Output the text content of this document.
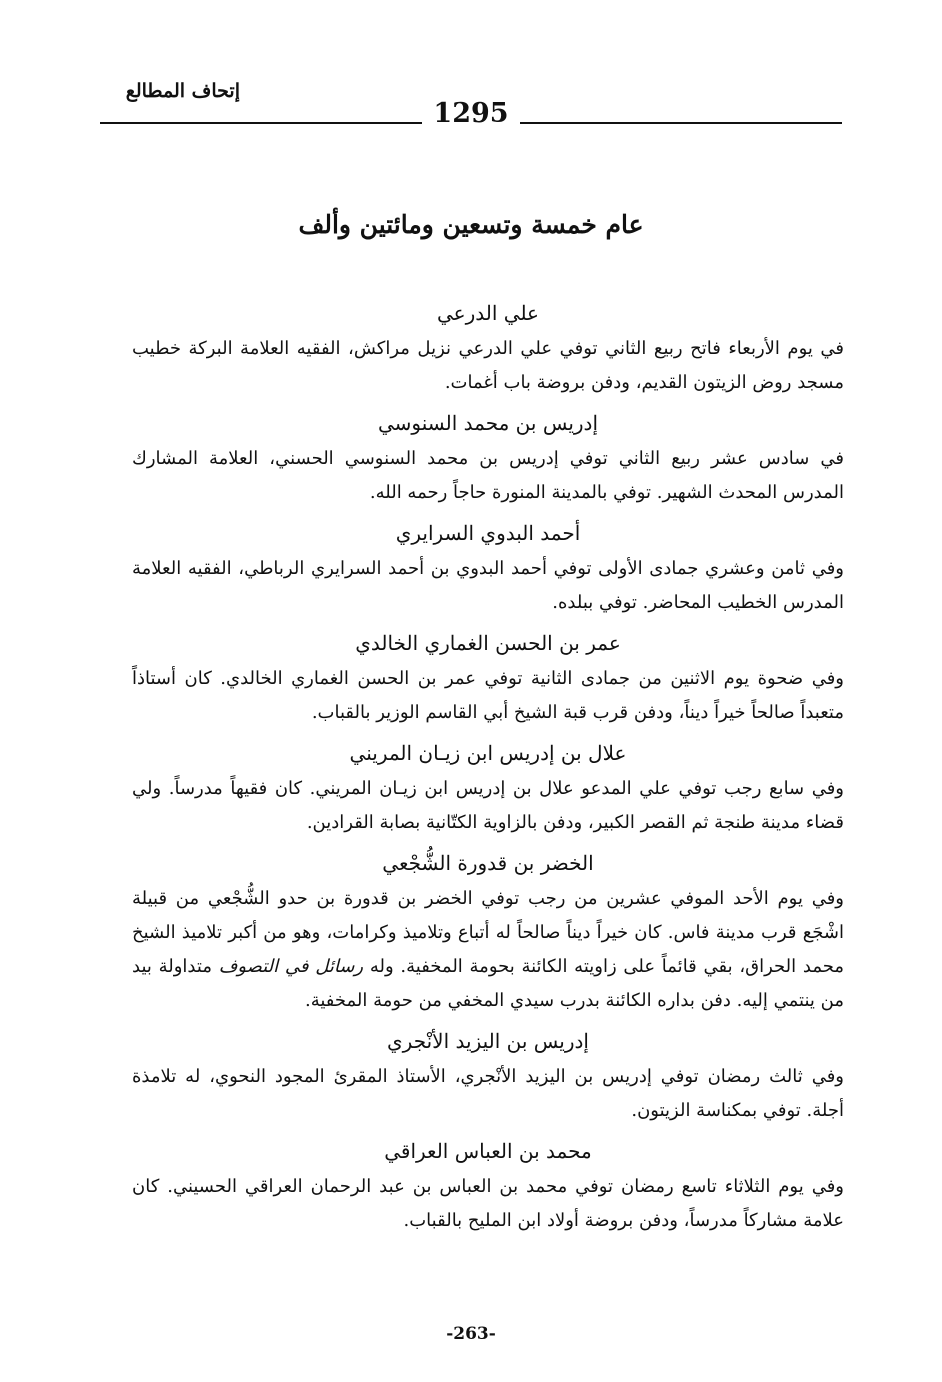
إتحاف المطالع
1295
عام خمسة وتسعين ومائتين وألف
علي الدرعي

في يوم الأربعاء فاتح ربيع الثاني توفي علي الدرعي نزيل مراكش، الفقيه العلامة البركة خطيب مسجد روض الزيتون القديم، ودفن بروضة باب أغمات.

إدريس بن محمد السنوسي

في سادس عشر ربيع الثاني توفي إدريس بن محمد السنوسي الحسني، العلامة المشارك المدرس المحدث الشهير. توفي بالمدينة المنورة حاجاً رحمه الله.

أحمد البدوي السرايري

وفي ثامن وعشري جمادى الأولى توفي أحمد البدوي بن أحمد السرايري الرباطي، الفقيه العلامة المدرس الخطيب المحاضر. توفي ببلده.

عمر بن الحسن الغماري الخالدي

وفي ضحوة يوم الاثنين من جمادى الثانية توفي عمر بن الحسن الغماري الخالدي. كان أستاذاً متعبداً صالحاً خيراً ديناً، ودفن قرب قبة الشيخ أبي القاسم الوزير بالقباب.

علال بن إدريس ابن زيـان المريني

وفي سابع رجب توفي علي المدعو علال بن إدريس ابن زيـان المريني. كان فقيهاً مدرساً. ولي قضاء مدينة طنجة ثم القصر الكبير، ودفن بالزاوية الكتّانية بصابة القرادين.

الخضر بن قدورة الشُّجْعي

وفي يوم الأحد الموفي عشرين من رجب توفي الخضر بن قدورة بن حدو الشُّجْعي من قبيلة اشْجَع قرب مدينة فاس. كان خيراً ديناً صالحاً له أتباع وتلاميذ وكرامات، وهو من أكبر تلاميذ الشيخ محمد الحراق، بقي قائماً على زاويته الكائنة بحومة المخفية. وله رسائل في التصوف متداولة بيد من ينتمي إليه. دفن بداره الكائنة بدرب سيدي المخفي من حومة المخفية.

إدريس بن اليزيد الأنْجري

وفي ثالث رمضان توفي إدريس بن اليزيد الأنْجري، الأستاذ المقرئ المجود النحوي، له تلامذة أجلة. توفي بمكناسة الزيتون.

محمد بن العباس العراقي

وفي يوم الثلاثاء تاسع رمضان توفي محمد بن العباس بن عبد الرحمان العراقي الحسيني. كان علامة مشاركاً مدرساً، ودفن بروضة أولاد ابن المليح بالقباب.

-263-
